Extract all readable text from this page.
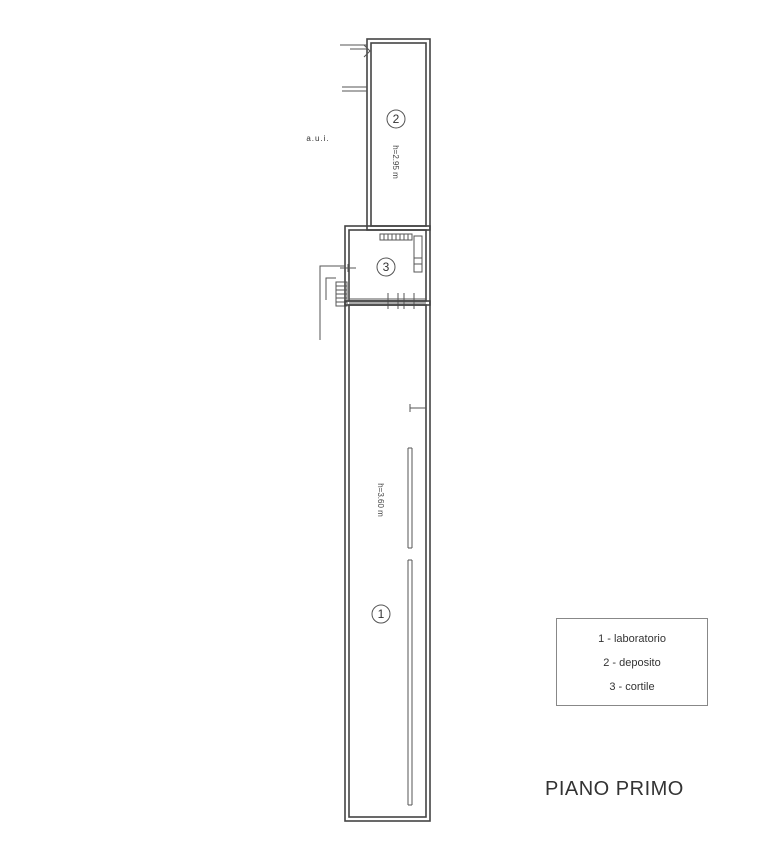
2
3
1
h=2.95 m
h=3.60 m
a.u.i.
1 - laboratorio
2 - deposito
3 - cortile
PIANO PRIMO
